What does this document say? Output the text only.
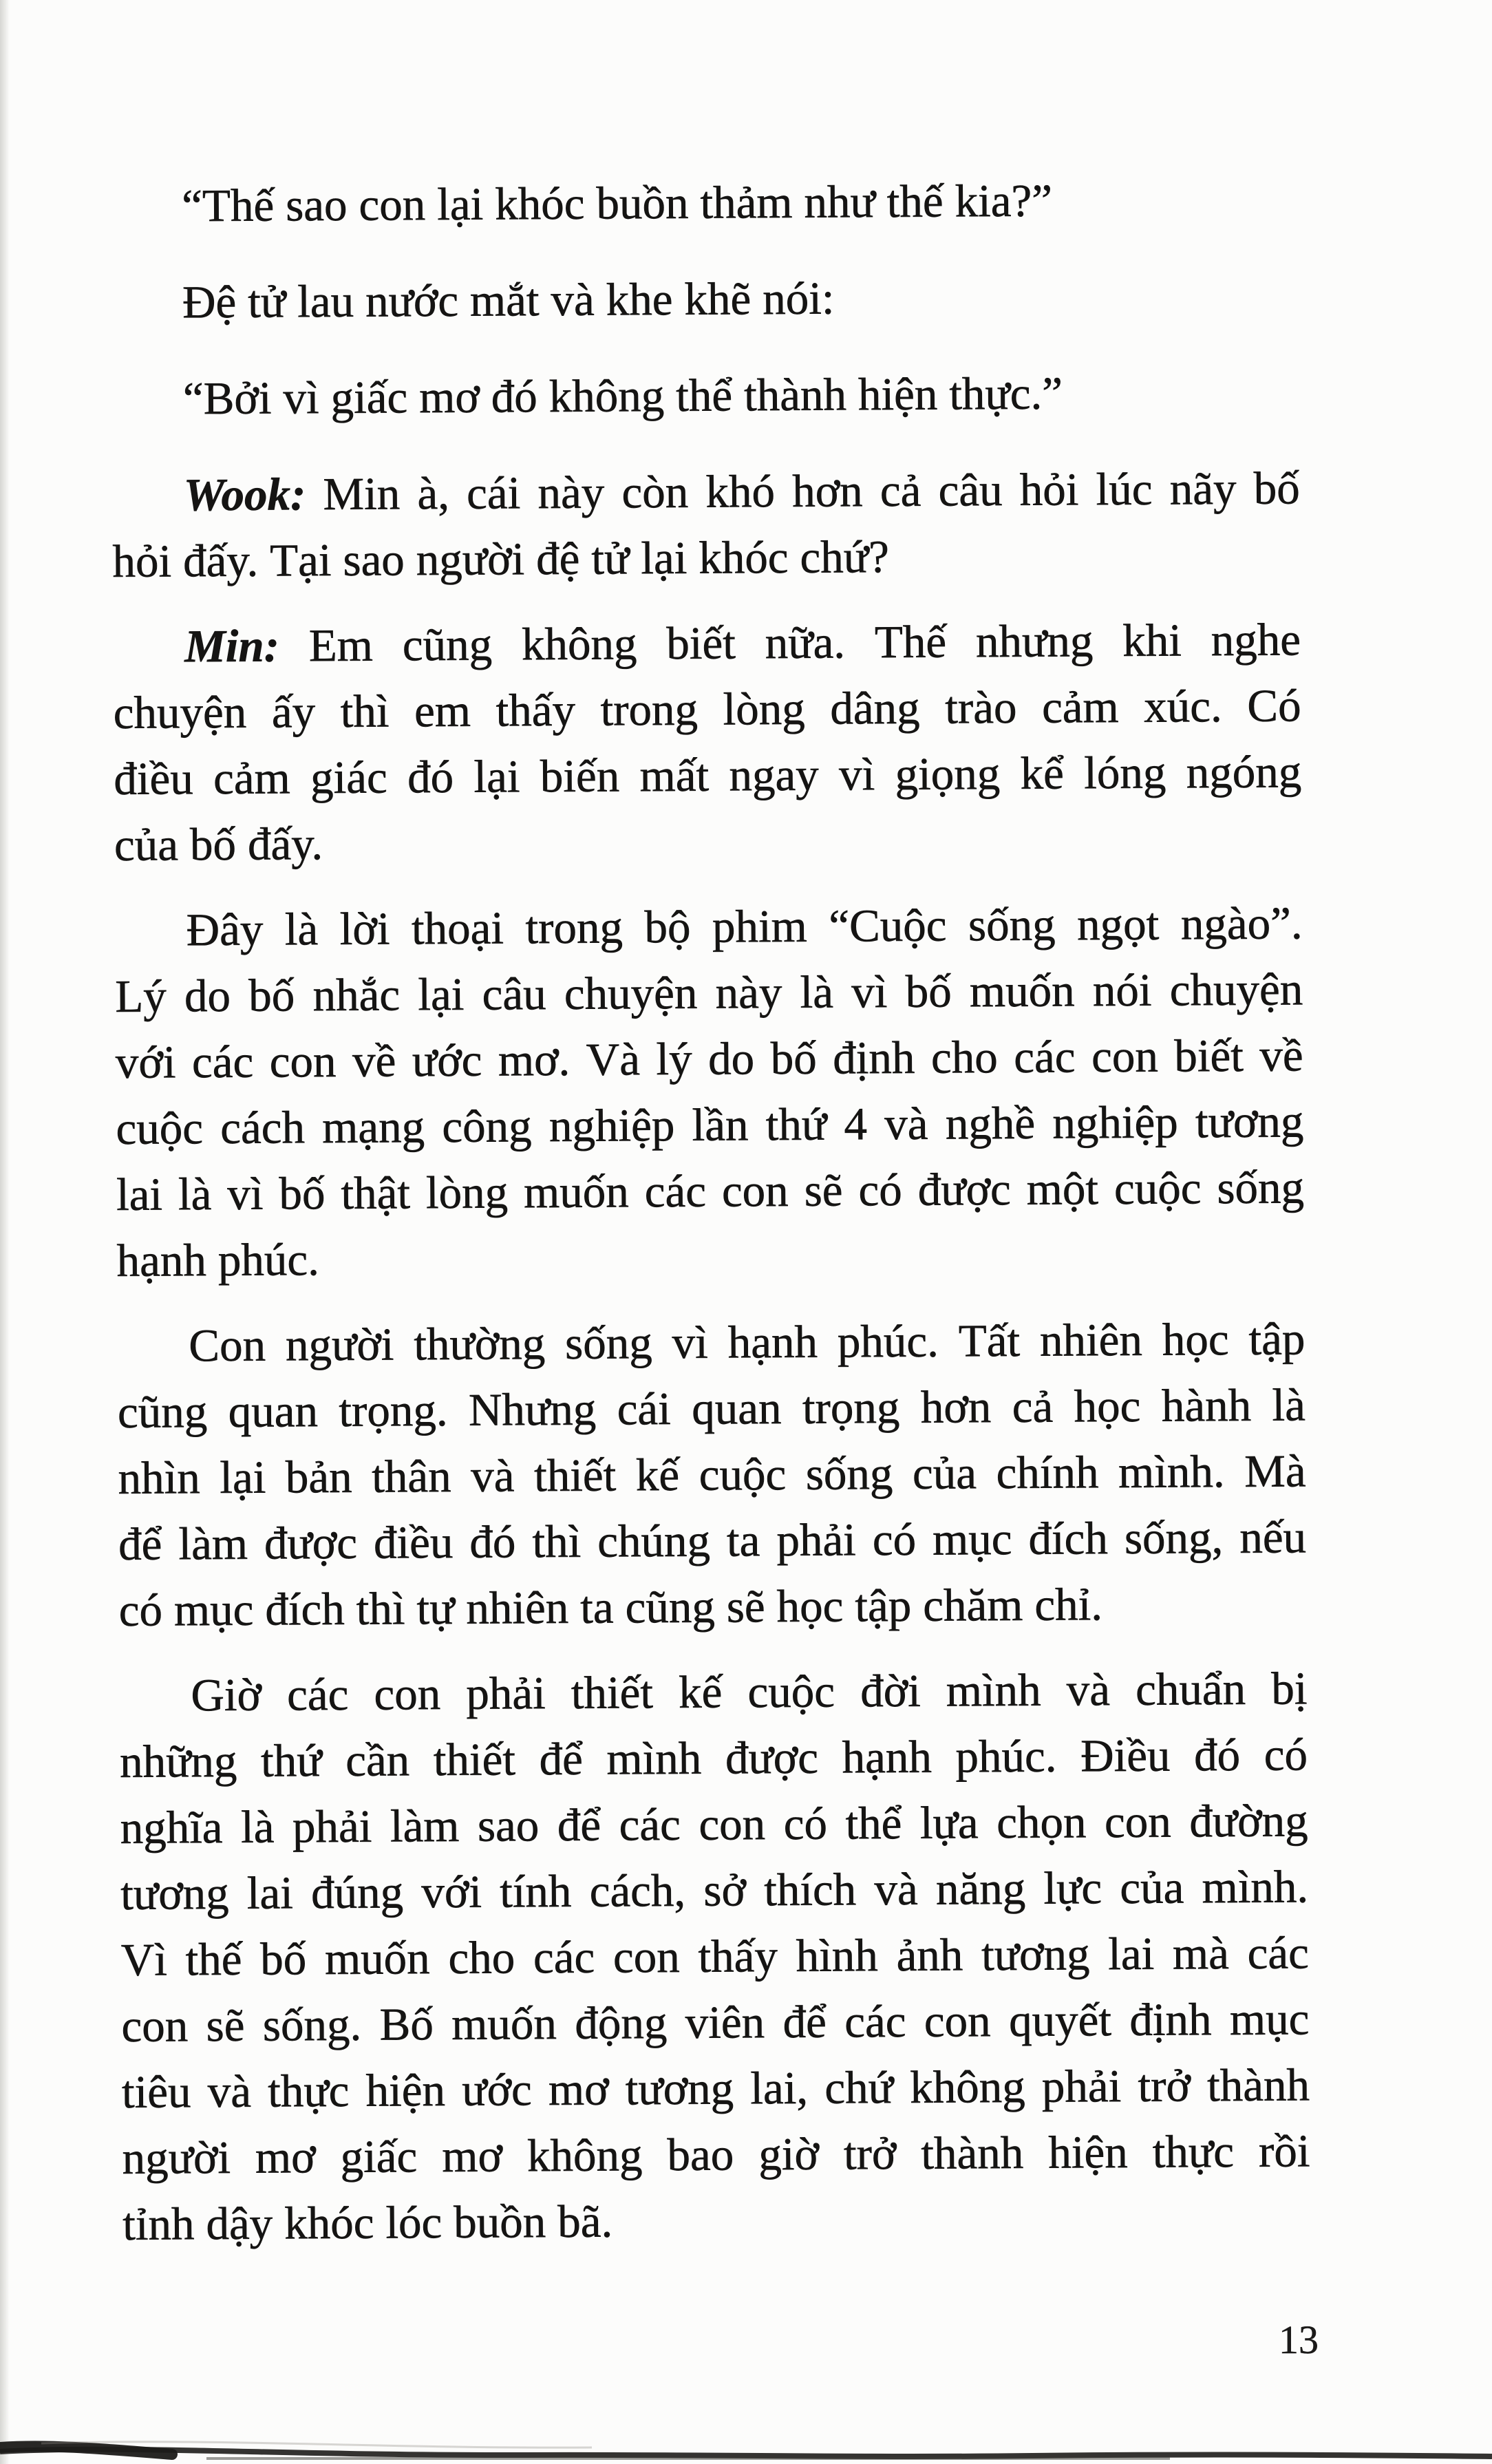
“Thế sao con lại khóc buồn thảm như thế kia?”
Đệ tử lau nước mắt và khe khẽ nói:
“Bởi vì giấc mơ đó không thể thành hiện thực.”
Wook: Min à, cái này còn khó hơn cả câu hỏi lúc nãy bố
hỏi đấy. Tại sao người đệ tử lại khóc chứ?
Min: Em cũng không biết nữa. Thế nhưng khi nghe
chuyện ấy thì em thấy trong lòng dâng trào cảm xúc. Có
điều cảm giác đó lại biến mất ngay vì giọng kể lóng ngóng
của bố đấy.
Đây là lời thoại trong bộ phim “Cuộc sống ngọt ngào”.
Lý do bố nhắc lại câu chuyện này là vì bố muốn nói chuyện
với các con về ước mơ. Và lý do bố định cho các con biết về
cuộc cách mạng công nghiệp lần thứ 4 và nghề nghiệp tương
lai là vì bố thật lòng muốn các con sẽ có được một cuộc sống
hạnh phúc.
Con người thường sống vì hạnh phúc. Tất nhiên học tập
cũng quan trọng. Nhưng cái quan trọng hơn cả học hành là
nhìn lại bản thân và thiết kế cuộc sống của chính mình. Mà
để làm được điều đó thì chúng ta phải có mục đích sống, nếu
có mục đích thì tự nhiên ta cũng sẽ học tập chăm chỉ.
Giờ các con phải thiết kế cuộc đời mình và chuẩn bị
những thứ cần thiết để mình được hạnh phúc. Điều đó có
nghĩa là phải làm sao để các con có thể lựa chọn con đường
tương lai đúng với tính cách, sở thích và năng lực của mình.
Vì thế bố muốn cho các con thấy hình ảnh tương lai mà các
con sẽ sống. Bố muốn động viên để các con quyết định mục
tiêu và thực hiện ước mơ tương lai, chứ không phải trở thành
người mơ giấc mơ không bao giờ trở thành hiện thực rồi
tỉnh dậy khóc lóc buồn bã.
13
